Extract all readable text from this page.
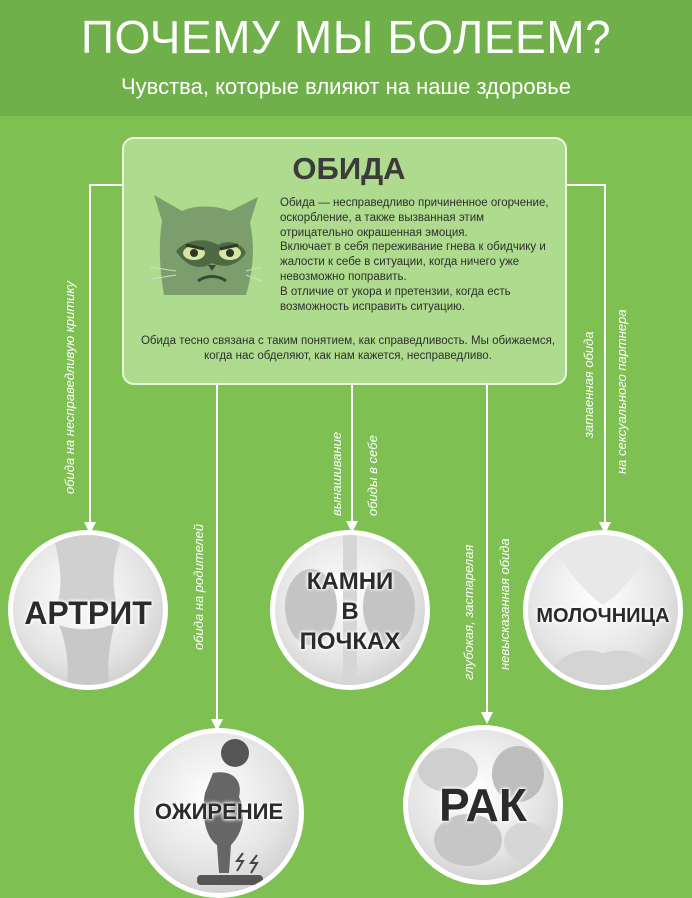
ПОЧЕМУ МЫ БОЛЕЕМ?
Чувства, которые влияют на наше здоровье
ОБИДА

Обида — несправедливо причиненное огорчение, оскорбление, а также вызванная этим отрицательно окрашенная эмоция.

Включает в себя переживание гнева к обидчику и жалости к себе в ситуации, когда ничего уже невозможно поправить.

В отличие от укора и претензии, когда есть возможность исправить ситуацию.

Обида тесно связана с таким понятием, как справедливость. Мы обижаемся, когда нас обделяют, как нам кажется, несправедливо.
обида на несправедливую критику
обида на родителей
вынашивание обиды в себе
глубокая, застарелая невысказанная обида
затаенная обида на сексуального партнера
АРТРИТ
КАМНИ
В
ПОЧКАХ
МОЛОЧНИЦА
ОЖИРЕНИЕ	РАК
